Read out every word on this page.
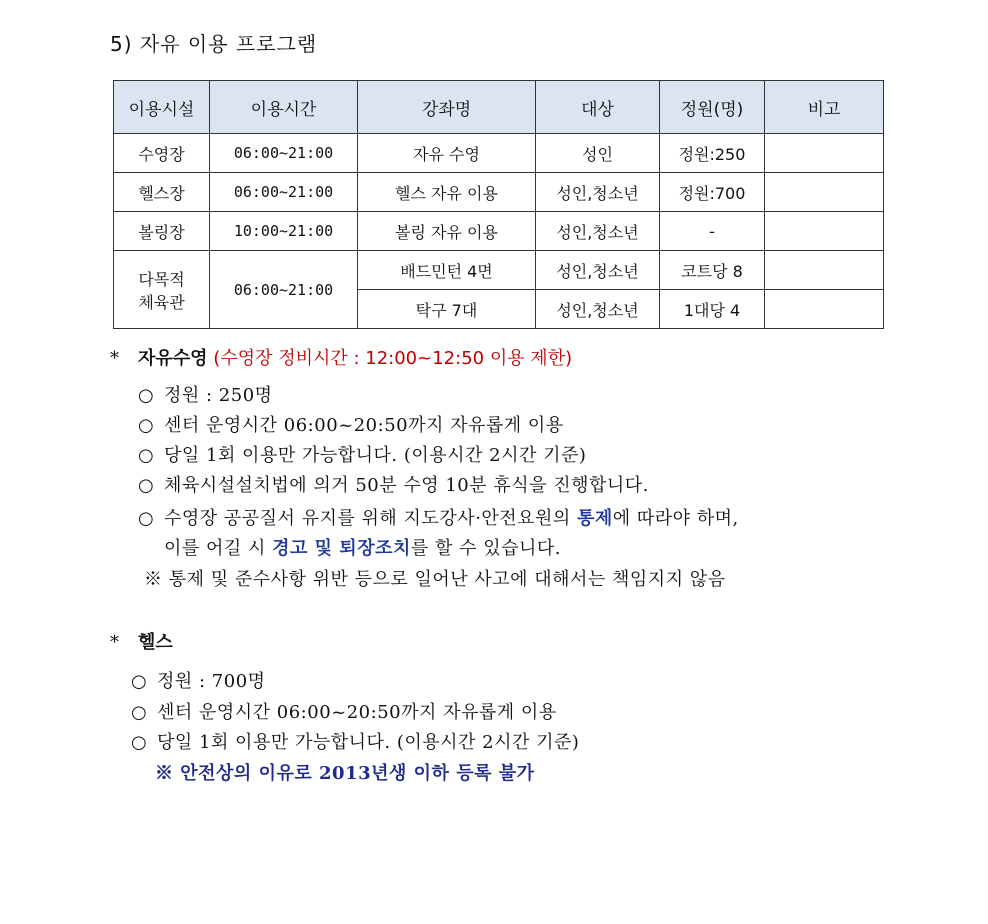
5) 자유 이용 프로그램
이용시설	이용시간	강좌명	대상	정원(명)	비고
수영장	06:00~21:00	자유 수영	성인	정원:250	
헬스장	06:00~21:00	헬스 자유 이용	성인,청소년	정원:700	
볼링장	10:00~21:00	볼링 자유 이용	성인,청소년	-	
다목적
체육관	06:00~21:00	배드민턴 4면	성인,청소년	코트당 8	
		탁구 7대	성인,청소년	1대당 4	
* 자유수영 (수영장 정비시간 : 12:00~12:50 이용 제한)
○ 정원 : 250명
○ 센터 운영시간 06:00~20:50까지 자유롭게 이용
○ 당일 1회 이용만 가능합니다. (이용시간 2시간 기준)
○ 체육시설설치법에 의거 50분 수영 10분 휴식을 진행합니다.
○ 수영장 공공질서 유지를 위해 지도강사·안전요원의 통제에 따라야 하며,
이를 어길 시 경고 및 퇴장조치를 할 수 있습니다.
※ 통제 및 준수사항 위반 등으로 일어난 사고에 대해서는 책임지지 않음
* 헬스
○ 정원 : 700명
○ 센터 운영시간 06:00~20:50까지 자유롭게 이용
○ 당일 1회 이용만 가능합니다. (이용시간 2시간 기준)
※ 안전상의 이유로 2013년생 이하 등록 불가
